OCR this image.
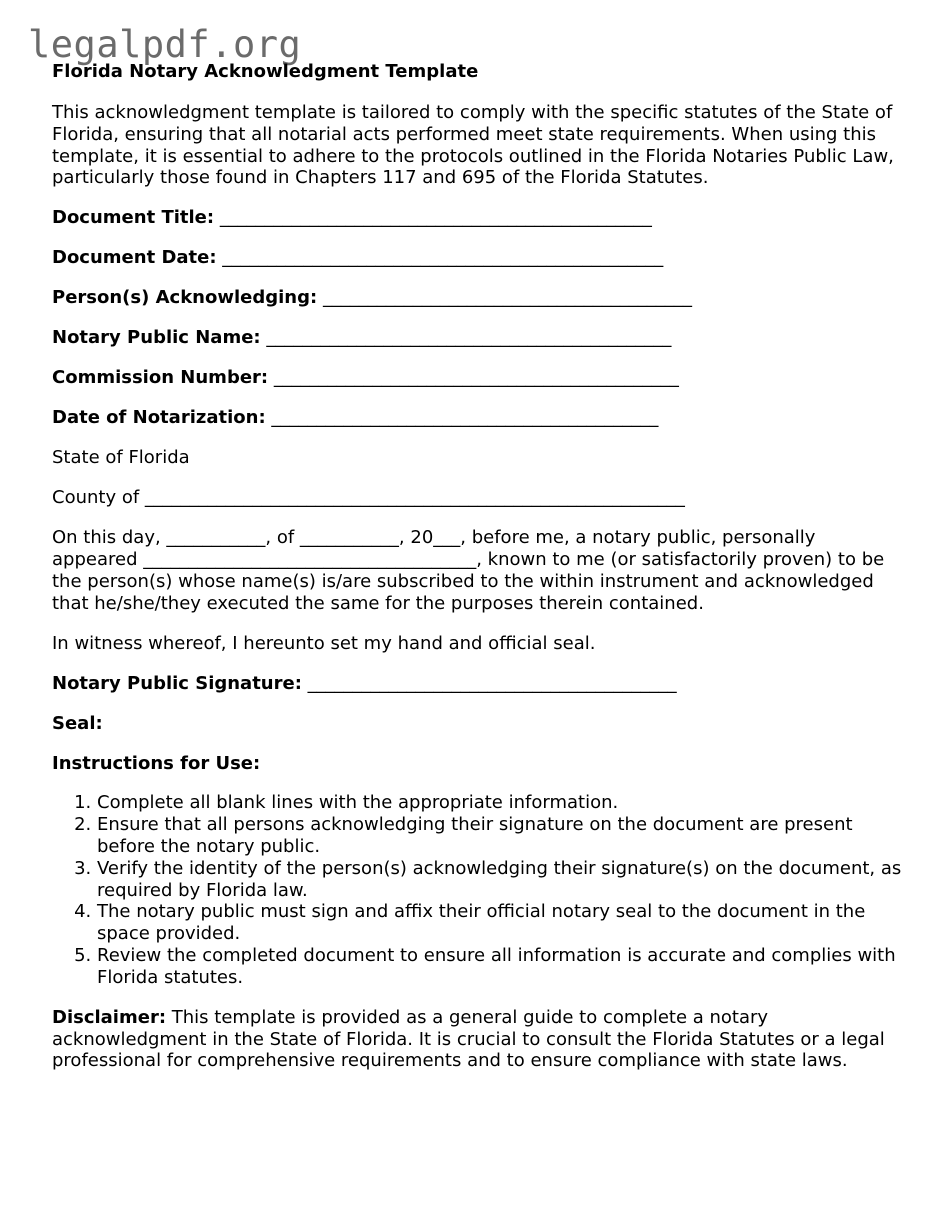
legalpdf.org
Florida Notary Acknowledgment Template

This acknowledgment template is tailored to comply with the specific statutes of the State of Florida, ensuring that all notarial acts performed meet state requirements. When using this template, it is essential to adhere to the protocols outlined in the Florida Notaries Public Law, particularly those found in Chapters 117 and 695 of the Florida Statutes.

Document Title: ________________________________________________

Document Date: _________________________________________________

Person(s) Acknowledging: _________________________________________

Notary Public Name: _____________________________________________

Commission Number: _____________________________________________

Date of Notarization: ___________________________________________

State of Florida

County of ____________________________________________________________

On this day, ___________, of ___________, 20___, before me, a notary public, personally appeared _____________________________________, known to me (or satisfactorily proven) to be the person(s) whose name(s) is/are subscribed to the within instrument and acknowledged that he/she/they executed the same for the purposes therein contained.

In witness whereof, I hereunto set my hand and official seal.

Notary Public Signature: _________________________________________

Seal:

Instructions for Use:

1. Complete all blank lines with the appropriate information.
2. Ensure that all persons acknowledging their signature on the document are present before the notary public.
3. Verify the identity of the person(s) acknowledging their signature(s) on the document, as required by Florida law.
4. The notary public must sign and affix their official notary seal to the document in the space provided.
5. Review the completed document to ensure all information is accurate and complies with Florida statutes.

Disclaimer: This template is provided as a general guide to complete a notary acknowledgment in the State of Florida. It is crucial to consult the Florida Statutes or a legal professional for comprehensive requirements and to ensure compliance with state laws.
